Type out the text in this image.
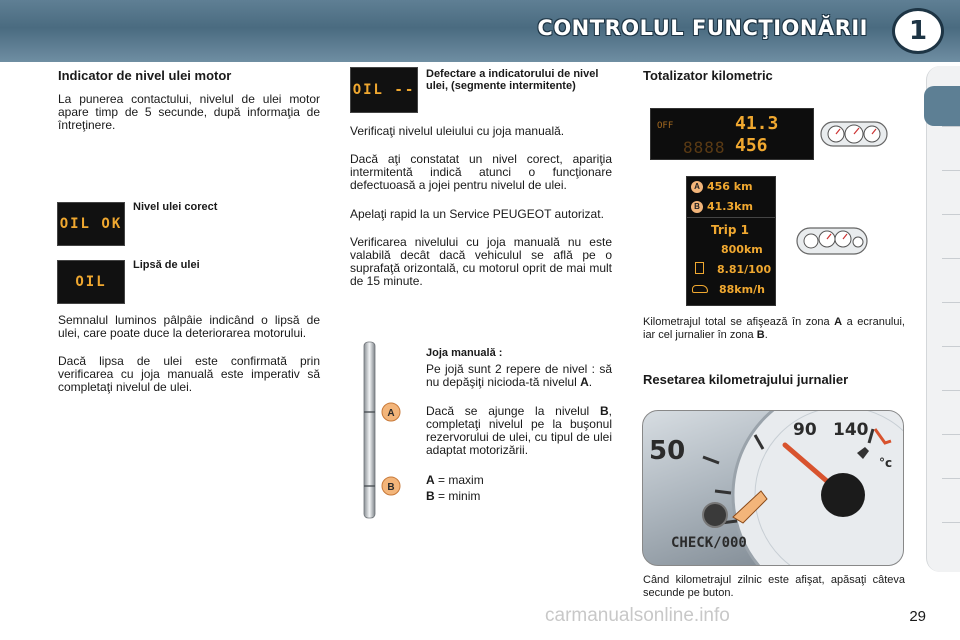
CONTROLUL FUNCŢIONĂRII	1
Indicator de nivel ulei motor
La punerea contactului, nivelul de ulei motor apare timp de 5 secunde, după informaţia de întreţinere.
OIL OK
Nivel ulei corect
OIL
Lipsă de ulei
Semnalul luminos pâlpâie indicând o lipsă de ulei, care poate duce la deteriorarea motorului.
Dacă lipsa de ulei este confirmată prin verificarea cu joja manuală este imperativ să completaţi nivelul de ulei.
OIL --
Defectare a indicatorului de nivel ulei, (segmente intermitente)
Verificaţi nivelul uleiului cu joja manuală.
Dacă aţi constatat un nivel corect, apariţia intermitentă indică atunci o funcţionare defectuoasă a jojei pentru nivelul de ulei.
Apelaţi rapid la un Service PEUGEOT autorizat.
Verificarea nivelului cu joja manuală nu este valabilă decât dacă vehiculul se află pe o suprafaţă orizontală, cu motorul oprit de mai mult de 15 minute.
A
B
Joja manuală :
Pe jojă sunt 2 repere de nivel : să nu depăşiţi nicioda-tă nivelul A.
Dacă se ajunge la nivelul B, completaţi nivelul pe la buşonul rezervorului de ulei, cu tipul de ulei adaptat motorizării.
A = maxim
B = minim
Totalizator kilometric
OFF	41.3
456
8888
A 456 km
B 41.3km
Trip 1
800km
8.81/100
88km/h
Kilometrajul total se afişează în zona A a ecranului, iar cel jurnalier în zona B.
Resetarea kilometrajului jurnalier
50
90 140
°c
CHECK/000
Când kilometrajul zilnic este afişat, apăsaţi câteva secunde pe buton.
carmanualsonline.info	29
